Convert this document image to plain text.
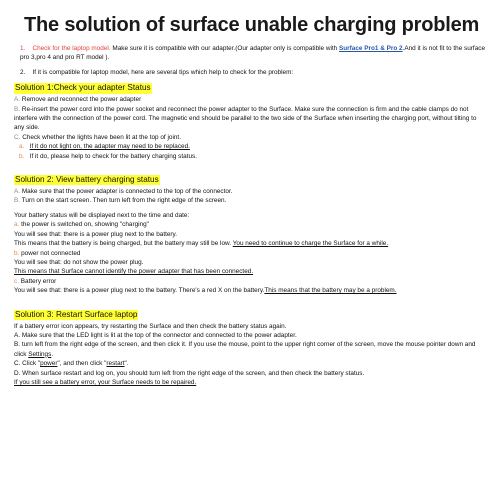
The solution of surface unable charging problem

1. Check for the laptop model. Make sure it is compatible with our adapter.(Our adapter only is compatible with Surface Pro1 & Pro 2.And it is not fit to the surface pro 3,pro 4 and pro RT model ).

2. If it is compatible for laptop model, here are several tips which help to check for the problem:

Solution 1:Check your adapter Status

A. Remove and reconnect the power adapter

B. Re-insert the power cord into the power socket and reconnect the power adapter to the Surface. Make sure the connection is firm and the cable clamps do not interfere with the connection of the power cord. The magnetic end should be parallel to the two side of the Surface when inserting the charging port, without tilting to any side.

C. Check whether the lights have been lit at the top of joint.

a. If it do not light on, the adapter may need to be replaced.

b. If it do, please help to check for the battery charging status.

Solution 2: View battery charging status

A. Make sure that the power adapter is connected to the top of the connector.

B. Turn on the start screen. Then turn left from the right edge of the screen.

Your battery status will be displayed next to the time and date:

a. the power is switched on, showing "charging"

You will see that: there is a power plug next to the battery.

This means that the battery is being charged, but the battery may still be low. You need to continue to charge the Surface for a while.

b. power not connected

You will see that: do not show the power plug.

This means that Surface cannot identify the power adapter that has been connected.

c. Battery error

You will see that: there is a power plug next to the battery. There's a red X on the battery.This means that the battery may be a problem.

Solution 3: Restart Surface laptop

If a battery error icon appears, try restarting the Surface and then check the battery status again.

A. Make sure that the LED light is lit at the top of the connector and connected to the power adapter.

B. turn left from the right edge of the screen, and then click it. If you use the mouse, point to the upper right corner of the screen, move the mouse pointer down and click Settings.

C. Click "power", and then click "restart".

D. When surface restart and log on, you should turn left from the right edge of the screen, and then check the battery status.

If you still see a battery error, your Surface needs to be repaired.
